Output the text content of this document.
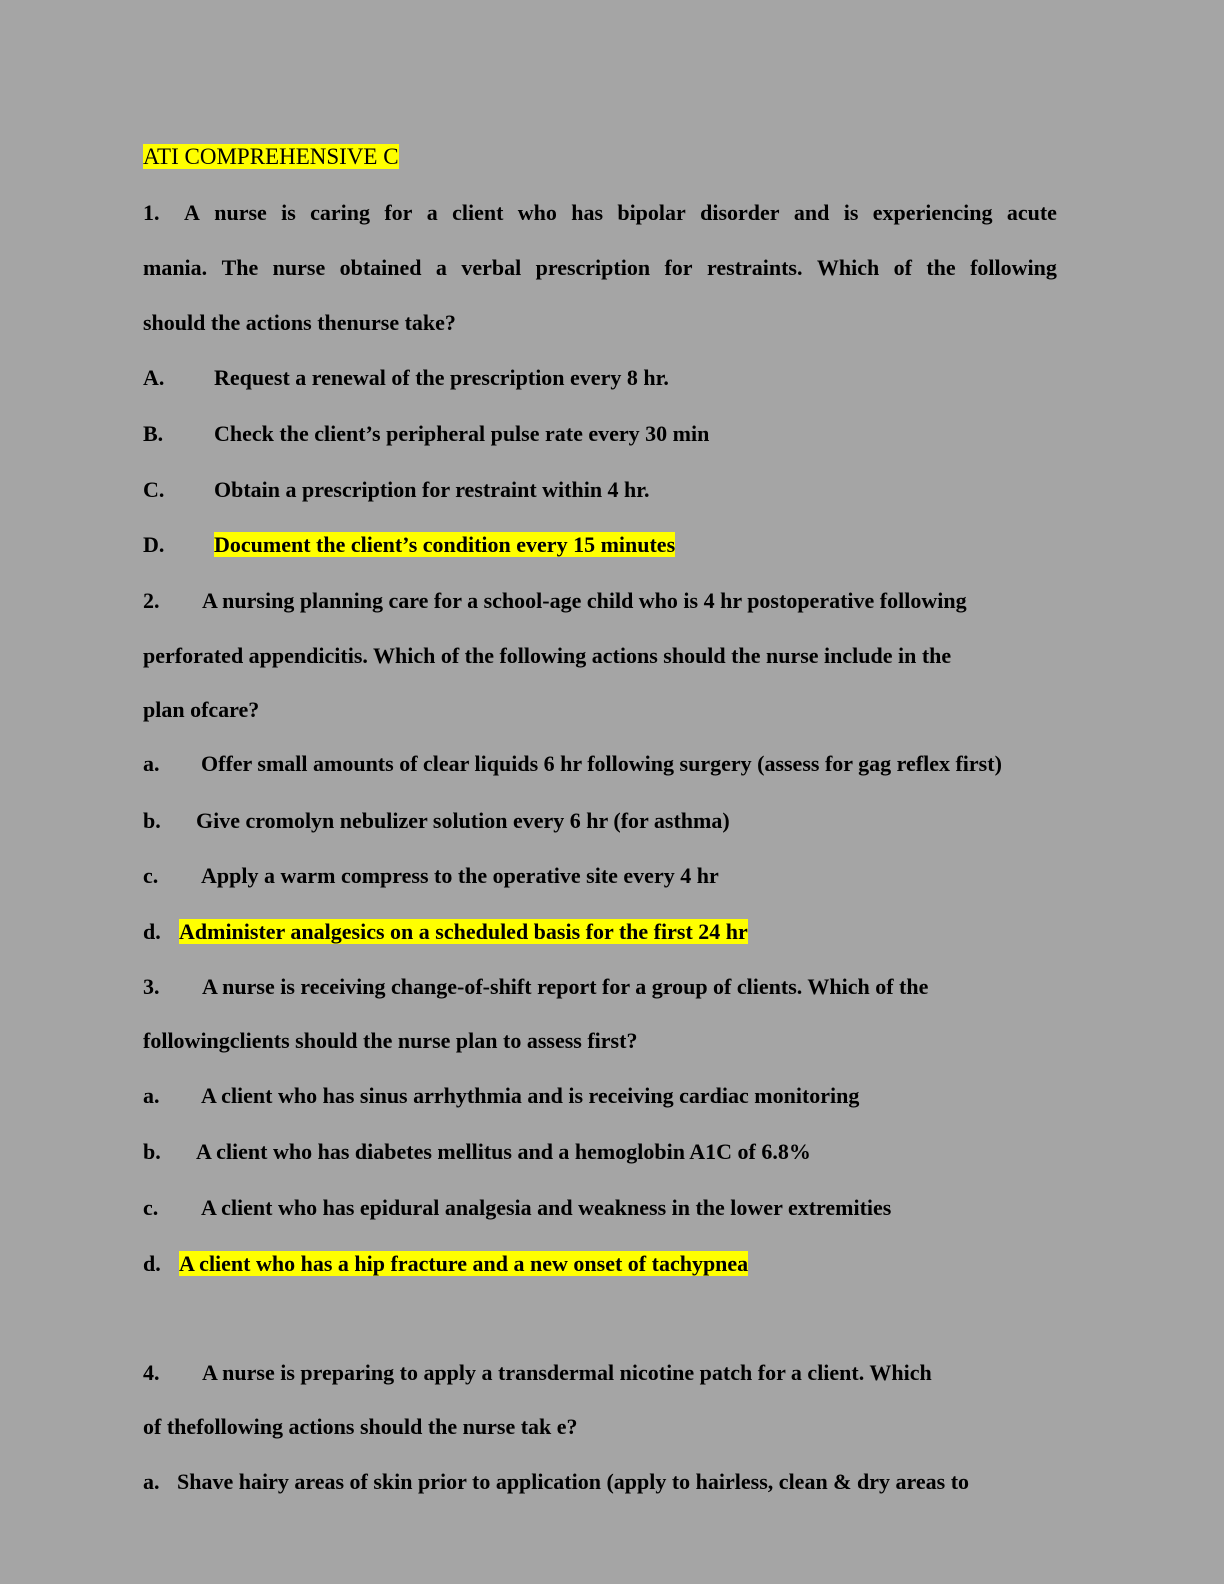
ATI COMPREHENSIVE C
1. A nurse is caring for a client who has bipolar disorder and is experiencing acute
mania. The nurse obtained a verbal prescription for restraints. Which of the following
should the actions thenurse take?
A. Request a renewal of the prescription every 8 hr.
B. Check the client’s peripheral pulse rate every 30 min
C. Obtain a prescription for restraint within 4 hr.
D. Document the client’s condition every 15 minutes
2. A nursing planning care for a school-age child who is 4 hr postoperative following
perforated appendicitis. Which of the following actions should the nurse include in the
plan ofcare?
a. Offer small amounts of clear liquids 6 hr following surgery (assess for gag reflex first)
b. Give cromolyn nebulizer solution every 6 hr (for asthma)
c. Apply a warm compress to the operative site every 4 hr
d. Administer analgesics on a scheduled basis for the first 24 hr
3. A nurse is receiving change-of-shift report for a group of clients. Which of the
followingclients should the nurse plan to assess first?
a. A client who has sinus arrhythmia and is receiving cardiac monitoring
b. A client who has diabetes mellitus and a hemoglobin A1C of 6.8%
c. A client who has epidural analgesia and weakness in the lower extremities
d. A client who has a hip fracture and a new onset of tachypnea
4. A nurse is preparing to apply a transdermal nicotine patch for a client. Which
of thefollowing actions should the nurse tak e?
a. Shave hairy areas of skin prior to application (apply to hairless, clean & dry areas to
